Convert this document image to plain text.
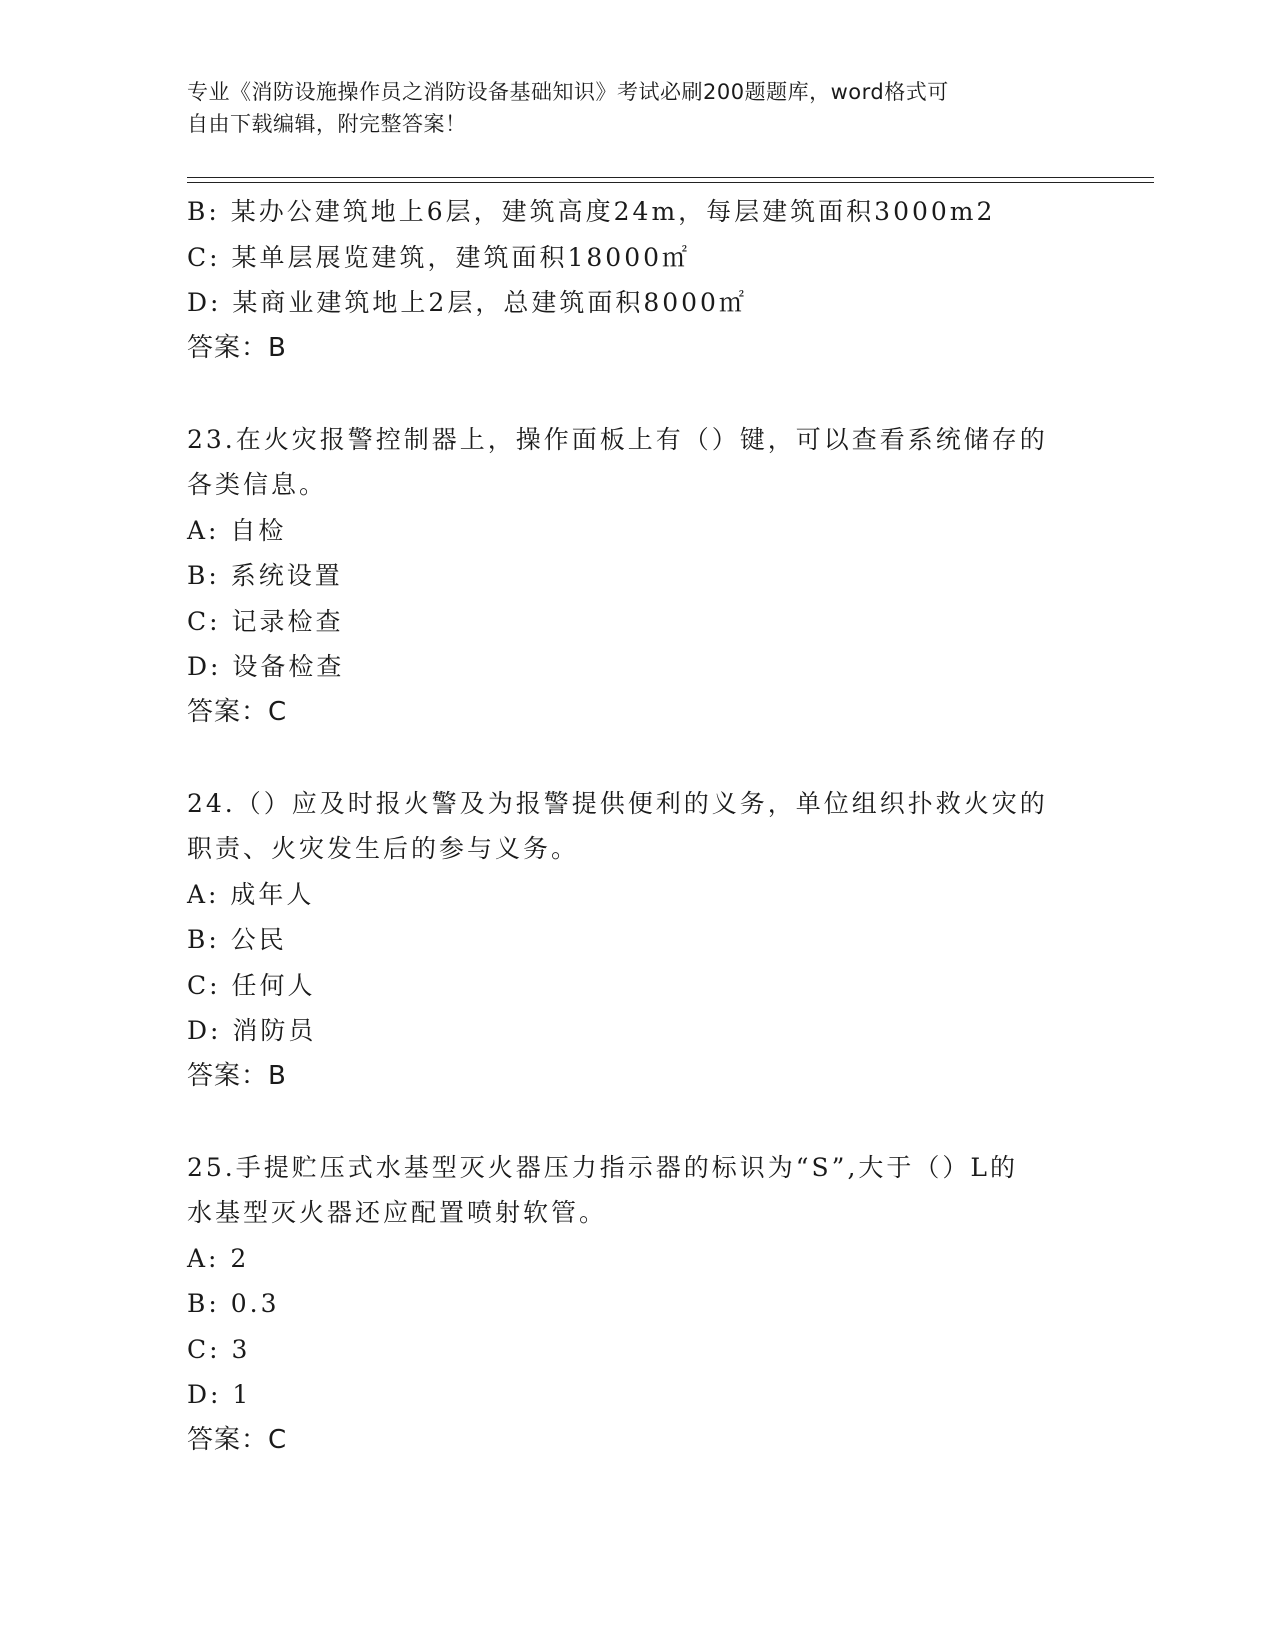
专业《消防设施操作员之消防设备基础知识》考试必刷200题题库，word格式可
自由下载编辑，附完整答案！
B: 某办公建筑地上6层，建筑高度24m，每层建筑面积3000m2
C: 某单层展览建筑，建筑面积18000㎡
D: 某商业建筑地上2层，总建筑面积8000㎡
答案：B
23.在火灾报警控制器上，操作面板上有（）键，可以查看系统储存的
各类信息。
A: 自检
B: 系统设置
C: 记录检查
D: 设备检查
答案：C
24.（）应及时报火警及为报警提供便利的义务，单位组织扑救火灾的
职责、火灾发生后的参与义务。
A: 成年人
B: 公民
C: 任何人
D: 消防员
答案：B
25.手提贮压式水基型灭火器压力指示器的标识为“S”,大于（）L的
水基型灭火器还应配置喷射软管。
A: 2
B: 0.3
C: 3
D: 1
答案：C
